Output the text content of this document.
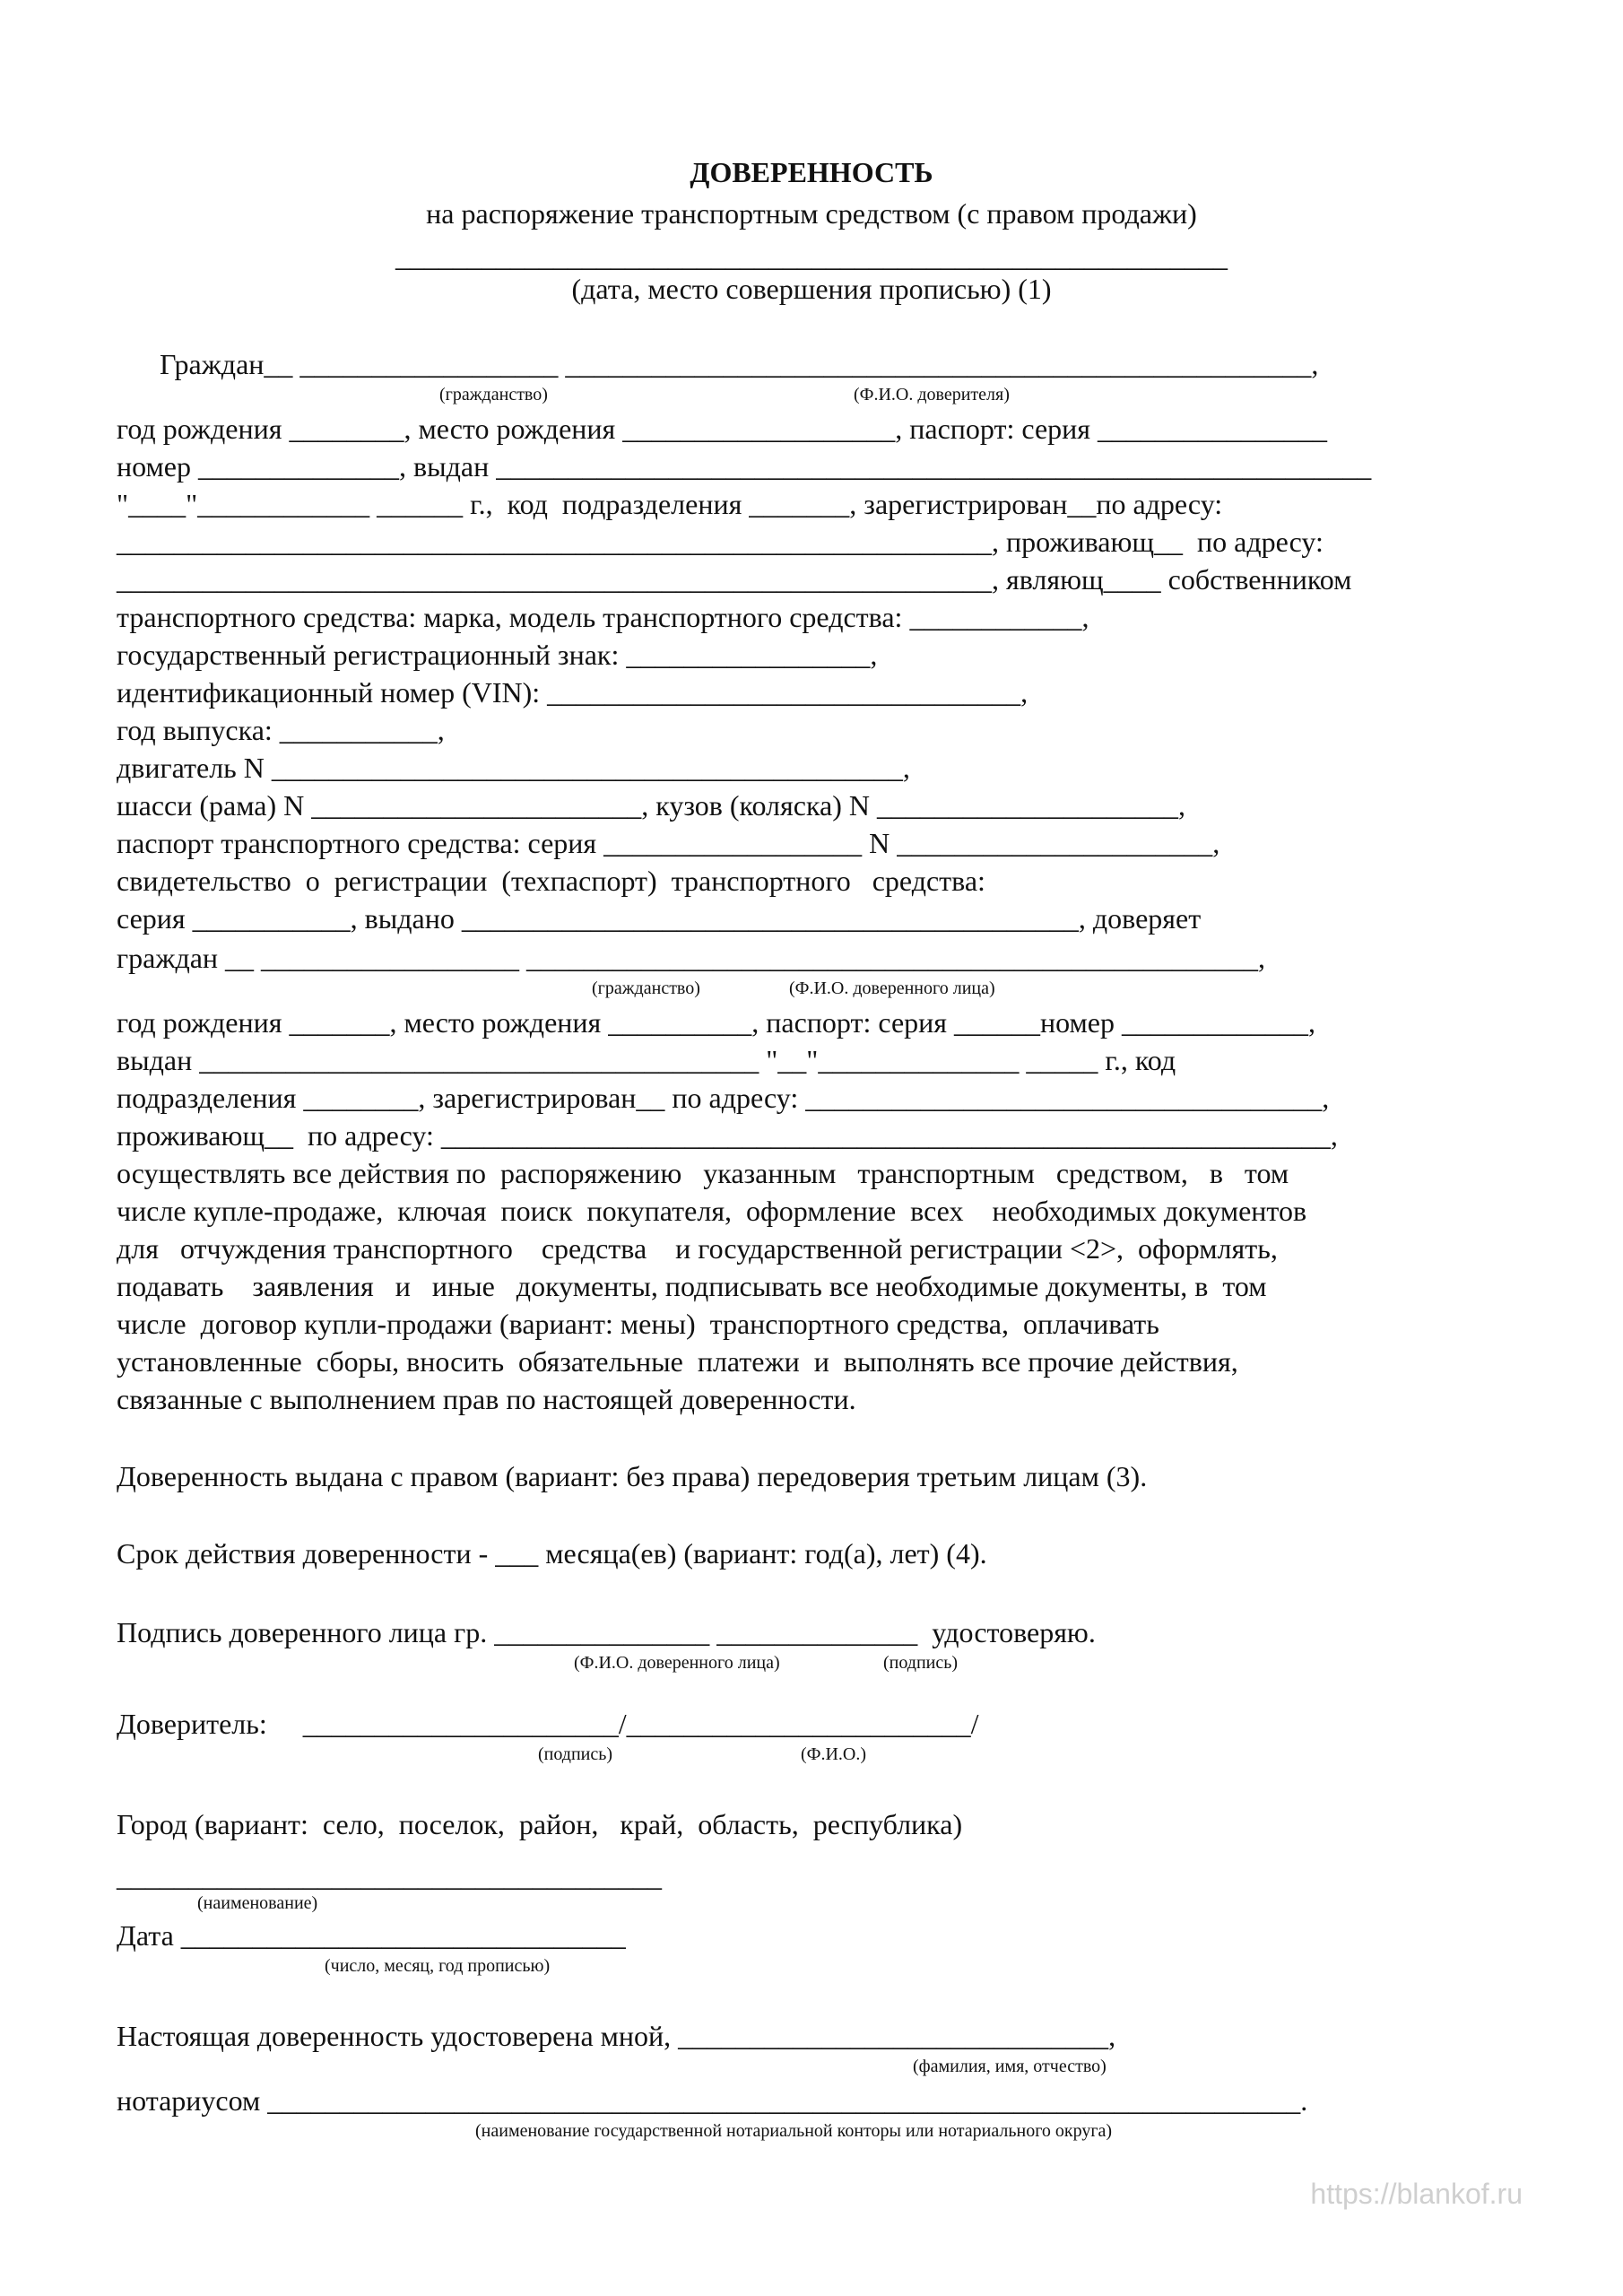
ДОВЕРЕННОСТЬ
на распоряжение транспортным средством (с правом продажи)
__________________________________________________________
(дата, место совершения прописью) (1)
Граждан__ __________________ ____________________________________________________,
(гражданство)	(Ф.И.О. доверителя)
год рождения ________, место рождения ___________________, паспорт: серия ________________
номер ______________, выдан _____________________________________________________________
"____"____________ ______ г.,  код  подразделения _______, зарегистрирован__по адресу:
_____________________________________________________________, проживающ__  по адресу:
_____________________________________________________________, являющ____ собственником
транспортного средства: марка, модель транспортного средства: ____________,
государственный регистрационный знак: _________________,
идентификационный номер (VIN): _________________________________,
год выпуска: ___________,
двигатель N ____________________________________________,
шасси (рама) N _______________________, кузов (коляска) N _____________________,
паспорт транспортного средства: серия __________________ N ______________________,
свидетельство  о  регистрации  (техпаспорт)  транспортного   средства:
серия ___________, выдано ___________________________________________, доверяет
граждан __ __________________ ___________________________________________________,
(гражданство)	(Ф.И.О. доверенного лица)
год рождения _______, место рождения __________, паспорт: серия ______номер _____________,
выдан _______________________________________ "__"______________ _____ г., код
подразделения ________, зарегистрирован__ по адресу: ____________________________________,
проживающ__  по адресу: ______________________________________________________________,
осуществлять все действия по  распоряжению   указанным   транспортным   средством,   в   том
числе купле-продаже,  ключая  поиск  покупателя,  оформление  всех    необходимых документов
для   отчуждения транспортного    средства    и государственной регистрации <2>,  оформлять,
подавать    заявления   и   иные   документы, подписывать все необходимые документы, в  том
числе  договор купли-продажи (вариант: мены)  транспортного средства,  оплачивать
установленные  сборы, вносить  обязательные  платежи  и  выполнять все прочие действия,
связанные с выполнением прав по настоящей доверенности.
Доверенность выдана с правом (вариант: без права) передоверия третьим лицам (3).
Срок действия доверенности - ___ месяца(ев) (вариант: год(а), лет) (4).
Подпись доверенного лица гр. _______________ ______________  удостоверяю.
(Ф.И.О. доверенного лица)	(подпись)
Доверитель:     ______________________/________________________/
(подпись)	(Ф.И.О.)
Город (вариант:  село,  поселок,  район,   край,  область,  республика)
______________________________________
(наименование)
Дата _______________________________
(число, месяц, год прописью)
Настоящая доверенность удостоверена мной, ______________________________,
(фамилия, имя, отчество)
нотариусом ________________________________________________________________________.
(наименование государственной нотариальной конторы или нотариального округа)
https://blankof.ru
